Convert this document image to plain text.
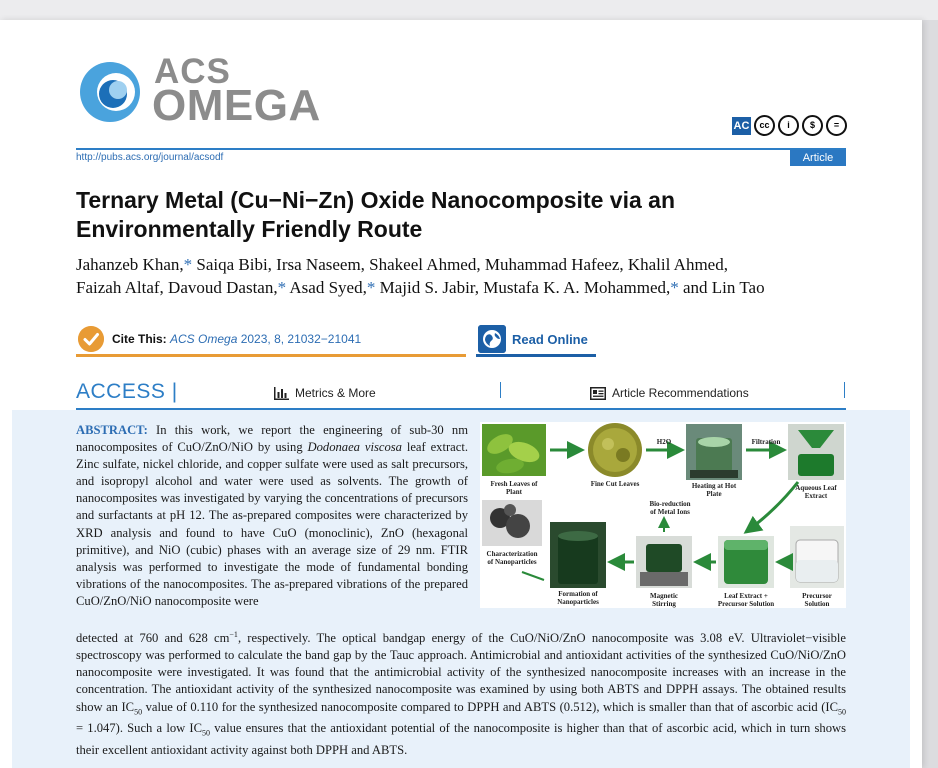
ACS
OMEGA	AC	cc	i	$	=
http://pubs.acs.org/journal/acsodf	Article
Ternary Metal (Cu−Ni−Zn) Oxide Nanocomposite via an Environmentally Friendly Route
Jahanzeb Khan,* Saiqa Bibi, Irsa Naseem, Shakeel Ahmed, Muhammad Hafeez, Khalil Ahmed,
Faizah Altaf, Davoud Dastan,* Asad Syed,* Majid S. Jabir, Mustafa K. A. Mohammed,* and Lin Tao
Cite This: ACS Omega 2023, 8, 21032−21041	Read Online
ACCESS |	Metrics & More	Article Recommendations
ABSTRACT: In this work, we report the engineering of sub-30 nm nanocomposites of CuO/ZnO/NiO by using Dodonaea viscosa leaf extract. Zinc sulfate, nickel chloride, and copper sulfate were used as salt precursors, and isopropyl alcohol and water were used as solvents. The growth of nanocomposites was investigated by varying the concentrations of precursors and surfactants at pH 12. The as-prepared composites were characterized by XRD analysis and found to have CuO (monoclinic), ZnO (hexagonal primitive), and NiO (cubic) phases with an average size of 29 nm. FTIR analysis was performed to investigate the mode of fundamental bonding vibrations of the nanocomposites. The as-prepared vibrations of the prepared CuO/ZnO/NiO nanocomposite were
detected at 760 and 628 $cm^{-1}$, respectively. The optical bandgap energy of the CuO/NiO/ZnO nanocomposite was 3.08 eV. Ultraviolet−visible spectroscopy was performed to calculate the band gap by the Tauc approach. Antimicrobial and antioxidant activities of the synthesized CuO/NiO/ZnO nanocomposite were investigated. It was found that the antimicrobial activity of the synthesized nanocomposite increases with an increase in the concentration. The antioxidant activity of the synthesized nanocomposite was examined by using both ABTS and DPPH assays. The obtained results show an $IC_{50}$ value of 0.110 for the synthesized nanocomposite compared to DPPH and ABTS (0.512), which is smaller than that of ascorbic acid $(IC_{50} = 1.047)$. Such a low $IC_{50}$ value ensures that the antioxidant potential of the nanocomposite is higher than that of ascorbic acid, which in turn shows their excellent antioxidant activity against both DPPH and ABTS.
Fresh Leaves of
Plant
Fine Cut Leaves
H2O
Heating at Hot
Plate
Filtration
Aqueous Leaf
Extract
Characterization
of Nanoparticles
Formation of
Nanoparticles
Magnetic
Stirring
Bio-reduction
of Metal Ions
Leaf Extract +
Precursor Solution
Precursor
Solution
